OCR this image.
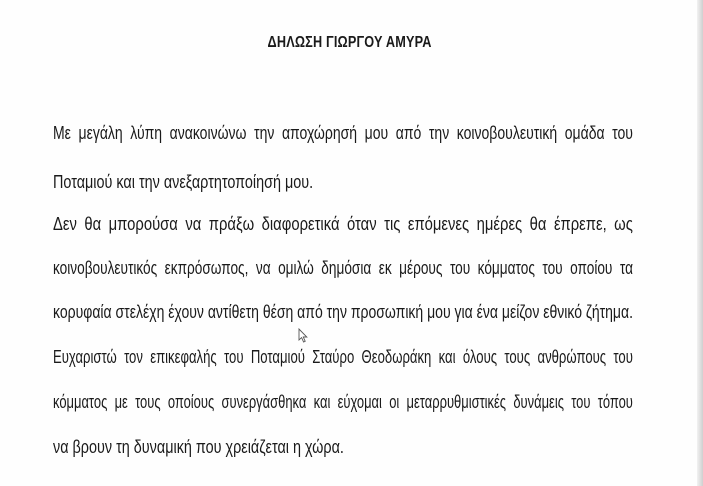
ΔΗΛΩΣΗ ΓΙΩΡΓΟΥ ΑΜΥΡΑ

Με μεγάλη λύπη ανακοινώνω την αποχώρησή μου από την κοινοβουλευτική ομάδα του

Ποταμιού και την ανεξαρτητοποίησή μου.

Δεν θα μπορούσα να πράξω διαφορετικά όταν τις επόμενες ημέρες θα έπρεπε, ως

κοινοβουλευτικός εκπρόσωπος, να ομιλώ δημόσια εκ μέρους του κόμματος του οποίου τα

κορυφαία στελέχη έχουν αντίθετη θέση από την προσωπική μου για ένα μείζον εθνικό ζήτημα.

Ευχαριστώ τον επικεφαλής του Ποταμιού Σταύρο Θεοδωράκη και όλους τους ανθρώπους του

κόμματος με τους οποίους συνεργάσθηκα και εύχομαι οι μεταρρυθμιστικές δυνάμεις του τόπου

να βρουν τη δυναμική που χρειάζεται η χώρα.
